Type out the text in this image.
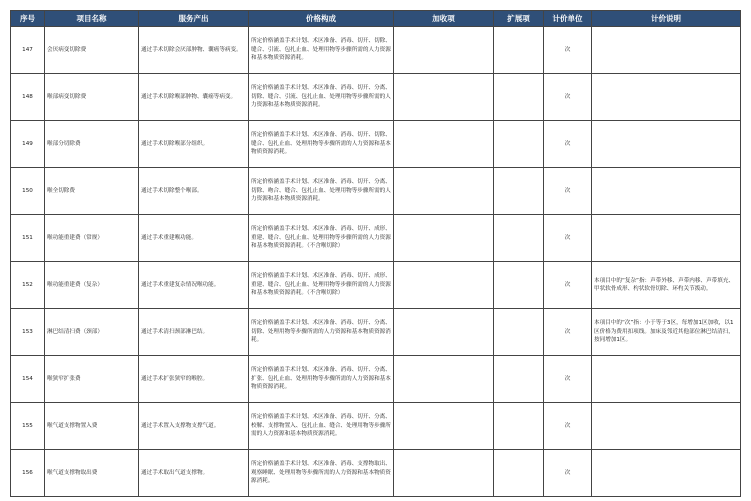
序号	项目名称	服务产出	价格构成	加收项	扩展项	计价单位	计价说明
147	会厌病变切除费	通过手术切除会厌部肿物、囊癌等病变。	所定价格涵盖手术计划、术区准备、消毒、切开、切除、缝合、引流、包扎止血、处理用物等步骤所需的人力资源和基本物质资源消耗。			次	
148	喉部病变切除费	通过手术切除喉部肿物、囊癌等病变。	所定价格涵盖手术计划、术区准备、消毒、切开、分离、切除、缝合、引流、包扎止血、处理用物等步骤所需的人力资源和基本物质资源消耗。			次	
149	喉部分切除费	通过手术切除喉部分组织。	所定价格涵盖手术计划、术区准备、消毒、切开、切除、缝合、包扎止血、处理用物等步骤所需的人力资源和基本物质资源消耗。			次	
150	喉全切除费	通过手术切除整个喉部。	所定价格涵盖手术计划、术区准备、消毒、切开、分离、切除、吻合、缝合、包扎止血、处理用物等步骤所需的人力资源和基本物质资源消耗。			次	
151	喉功能重建费（常规）	通过手术重建喉功能。	所定价格涵盖手术计划、术区准备、消毒、切开、成形、重建、缝合、包扎止血、处理用物等步骤所需的人力资源和基本物质资源消耗。（不含喉切除）			次	
152	喉功能重建费（复杂）	通过手术重建复杂情况喉功能。	所定价格涵盖手术计划、术区准备、消毒、切开、成形、重建、缝合、包扎止血、处理用物等步骤所需的人力资源和基本物质资源消耗。（不含喉切除）			次	本项目中的“复杂”指：声带外移、声带内移、声带填充、甲状软骨成形、杓状软骨切除、环杓关节拨动。
153	淋巴结清扫费（颈部）	通过手术清扫颈部淋巴结。	所定价格涵盖手术计划、术区准备、消毒、切开、分离、切除、处理用物等步骤所需的人力资源和基本物质资源消耗。			次	本项目中的“次”指：小于等于3区，每增加1区加收，以1区价格为费用扣项线。加床及邻近其他部位淋巴结清扫，按同增加1区。
154	喉狭窄扩张费	通过手术扩张狭窄的喉腔。	所定价格涵盖手术计划、术区准备、消毒、切开、分离、扩张、包扎止血、处理用物等步骤所需的人力资源和基本物质资源消耗。			次	
155	喉气道支撑物置入费	通过手术置入支撑物支撑气道。	所定价格涵盖手术计划、术区准备、消毒、切开、分离、校解、支撑物置入、包扎止血、缝合、处理用物等步骤所需的人力资源和基本物质资源消耗。			次	
156	喉气道支撑物取出费	通过手术取出气道支撑物。	所定价格涵盖手术计划、术区准备、消毒、支撑物取出、观察睡眠、处理用物等步骤所需的人力资源和基本物质资源消耗。			次	
